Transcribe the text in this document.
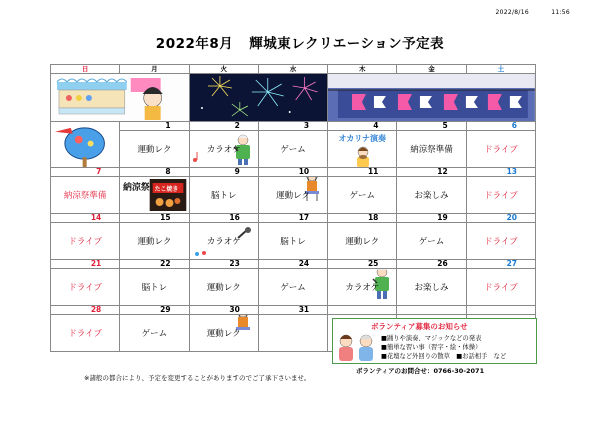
2022/8/16	11:56
2022年8月 輝城東レクリエーション予定表
日	月	火	水	木	金	土

	1	2	3	4	5	6
	運動レク	カラオケ	ゲーム	オカリナ演奏	納涼祭準備	ドライブ
7	8	9	10	11	12	13
納涼祭準備	納涼祭 たこ焼き	脳トレ	運動レク	ゲーム	お楽しみ	ドライブ
14	15	16	17	18	19	20
ドライブ	運動レク	カラオケ	脳トレ	運動レク	ゲーム	ドライブ
21	22	23	24	25	26	27
ドライブ	脳トレ	運動レク	ゲーム	カラオケ	お楽しみ	ドライブ
28	29	30	31			
ドライブ	ゲーム	運動レク

ボランティア募集のお知らせ
■踊りや演奏、マジックなどの発表
■簡単な習い事（習字・絵・体操）
■花壇など外回りの散草　■お話相手　など
ボランティアのお問合せ：0766-30-2071
※諸般の都合により、予定を変更することがありますのでご了承下さいませ。
